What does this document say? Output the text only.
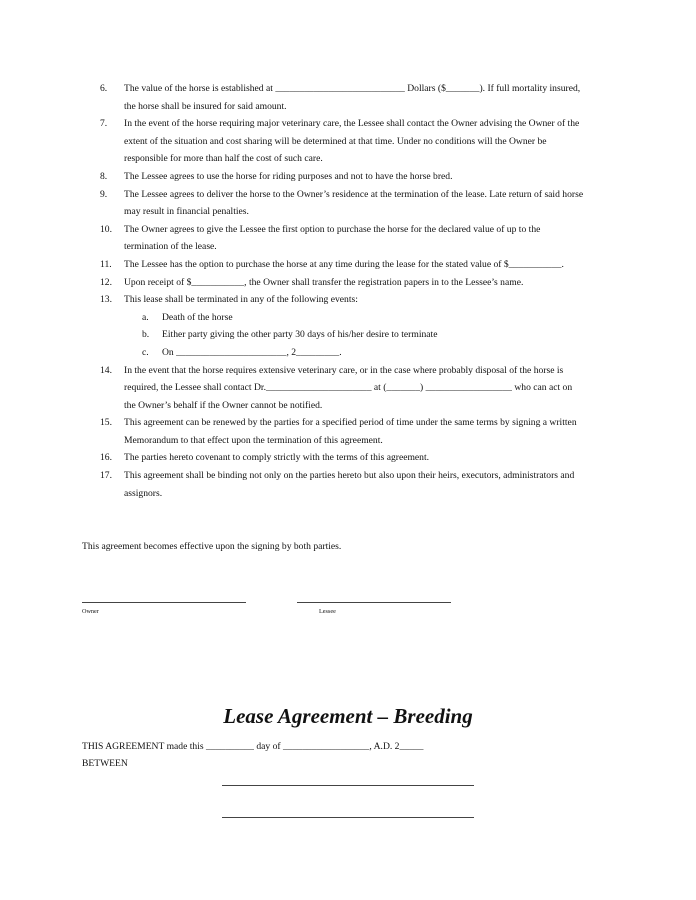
6.	The value of the horse is established at ___________________________ Dollars ($_______). If full mortality insured,
the horse shall be insured for said amount.
7.	In the event of the horse requiring major veterinary care, the Lessee shall contact the Owner advising the Owner of the
extent of the situation and cost sharing will be determined at that time. Under no conditions will the Owner be
responsible for more than half the cost of such care.
8.	The Lessee agrees to use the horse for riding purposes and not to have the horse bred.
9.	The Lessee agrees to deliver the horse to the Owner’s residence at the termination of the lease. Late return of said horse
may result in financial penalties.
10.	The Owner agrees to give the Lessee the first option to purchase the horse for the declared value of up to the
termination of the lease.
11.	The Lessee has the option to purchase the horse at any time during the lease for the stated value of $___________.
12.	Upon receipt of $___________, the Owner shall transfer the registration papers in to the Lessee’s name.
13.	This lease shall be terminated in any of the following events:
a.	Death of the horse
b.	Either party giving the other party 30 days of his/her desire to terminate
c.	On _______________________, 2_________.
14.	In the event that the horse requires extensive veterinary care, or in the case where probably disposal of the horse is
required, the Lessee shall contact Dr.______________________ at (_______) __________________ who can act on
the Owner’s behalf if the Owner cannot be notified.
15.	This agreement can be renewed by the parties for a specified period of time under the same terms by signing a written
Memorandum to that effect upon the termination of this agreement.
16.	The parties hereto covenant to comply strictly with the terms of this agreement.
17.	This agreement shall be binding not only on the parties hereto but also upon their heirs, executors, administrators and
assignors.
This agreement becomes effective upon the signing by both parties.
Owner	Lessee
Lease Agreement – Breeding
THIS AGREEMENT made this __________ day of __________________, A.D. 2_____
BETWEEN
